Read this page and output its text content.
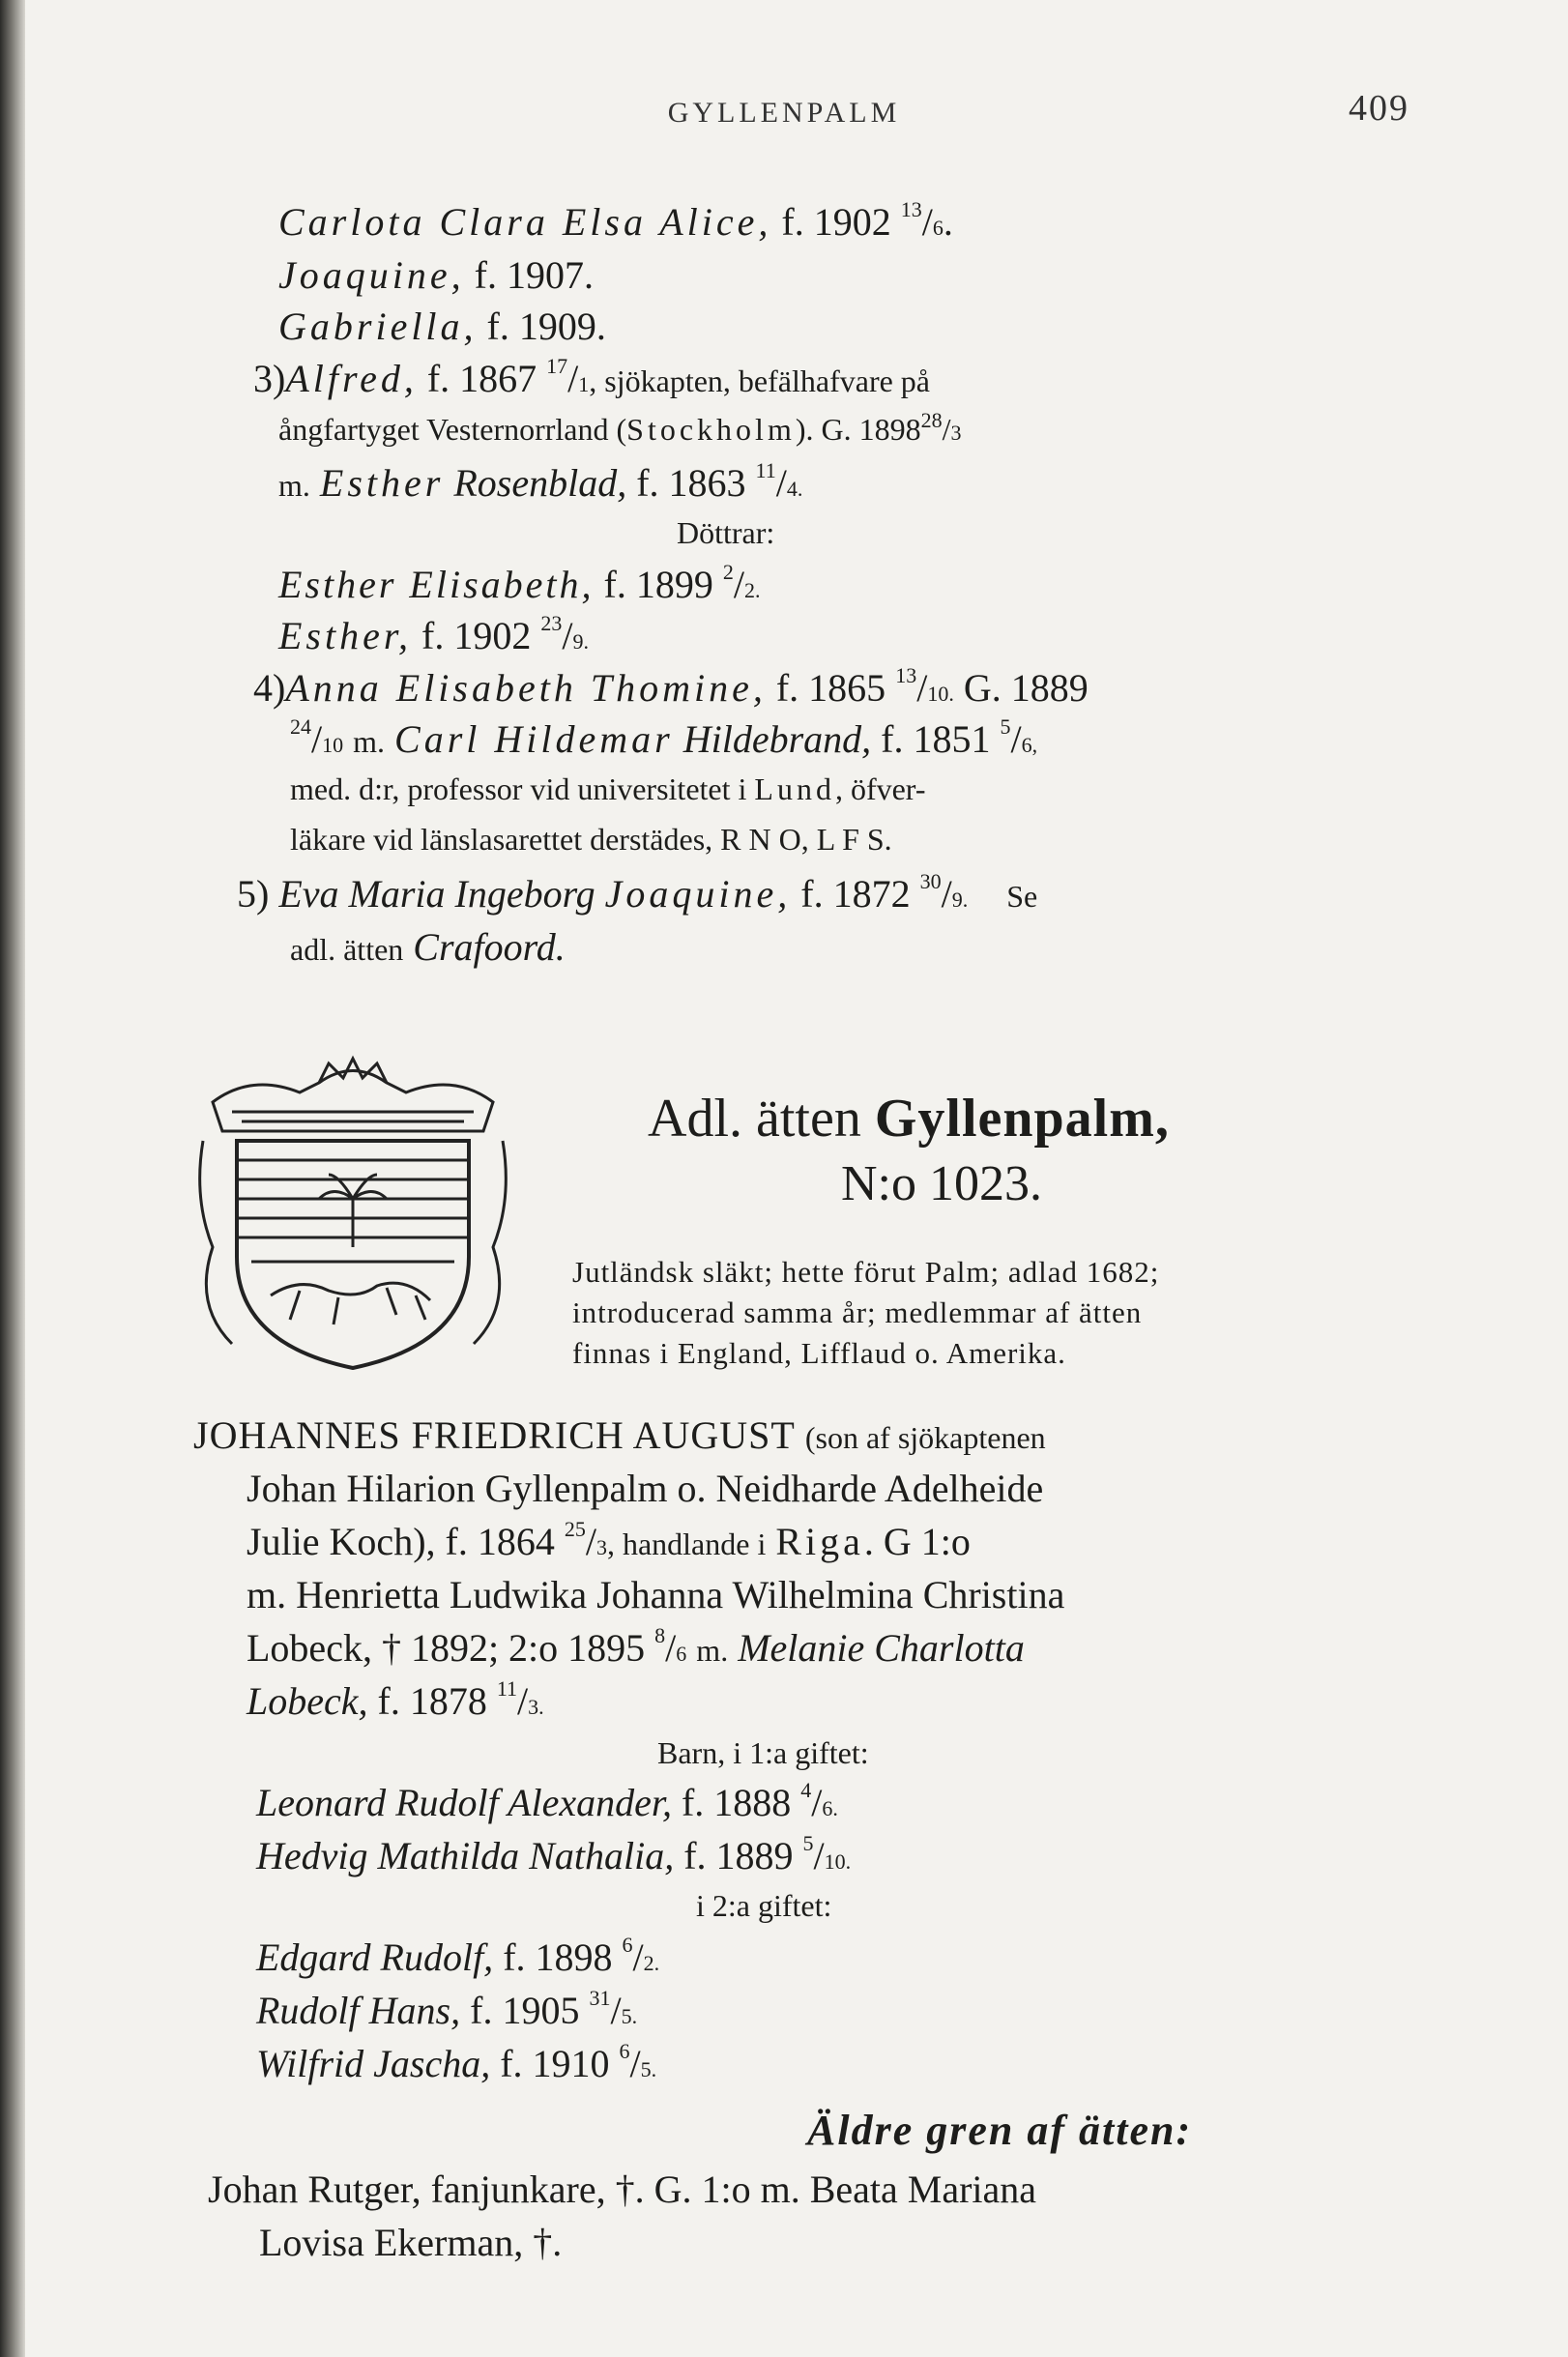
GYLLENPALM	409
Carlota Clara Elsa Alice, f. 1902 $^{13}$/6.
Joaquine, f. 1907.
Gabriella, f. 1909.
3)Alfred, f. 1867 $^{17}$/1, sjökapten, befälhafvare på
ångfartyget Vesternorrland (Stockholm). G. 1898$^{28}$/3
m. Esther Rosenblad, f. 1863 $^{11}$/4.
Döttrar:
Esther Elisabeth, f. 1899 $^2$/2.
Esther, f. 1902 $^{23}$/9.
4)Anna Elisabeth Thomine, f. 1865 $^{13}$/10. G. 1889
$^{24}$/10 m. Carl Hildemar Hildebrand, f. 1851 $^5$/6,
med. d:r, professor vid universitetet i Lund, öfver-
läkare vid länslasarettet derstädes, R N O, L F S.
5) Eva Maria Ingeborg Joaquine, f. 1872 $^{30}$/9. Se
adl. ätten Crafoord.
Adl. ätten Gyllenpalm,
N:o 1023.
Jutländsk släkt; hette förut Palm; adlad 1682;
introducerad samma år; medlemmar af ätten
finnas i England, Lifflaud o. Amerika.
JOHANNES FRIEDRICH AUGUST (son af sjökaptenen
Johan Hilarion Gyllenpalm o. Neidharde Adelheide
Julie Koch), f. 1864 $^{25}$/3, handlande i Riga. G 1:o
m. Henrietta Ludwika Johanna Wilhelmina Christina
Lobeck, † 1892; 2:o 1895 $^8$/6 m. Melanie Charlotta
Lobeck, f. 1878 $^{11}$/3.
Barn, i 1:a giftet:
Leonard Rudolf Alexander, f. 1888 $^4$/6.
Hedvig Mathilda Nathalia, f. 1889 $^5$/10.
i 2:a giftet:
Edgard Rudolf, f. 1898 $^6$/2.
Rudolf Hans, f. 1905 $^{31}$/5.
Wilfrid Jascha, f. 1910 $^6$/5.
Äldre gren af ätten:
Johan Rutger, fanjunkare, †. G. 1:o m. Beata Mariana
Lovisa Ekerman, †.
